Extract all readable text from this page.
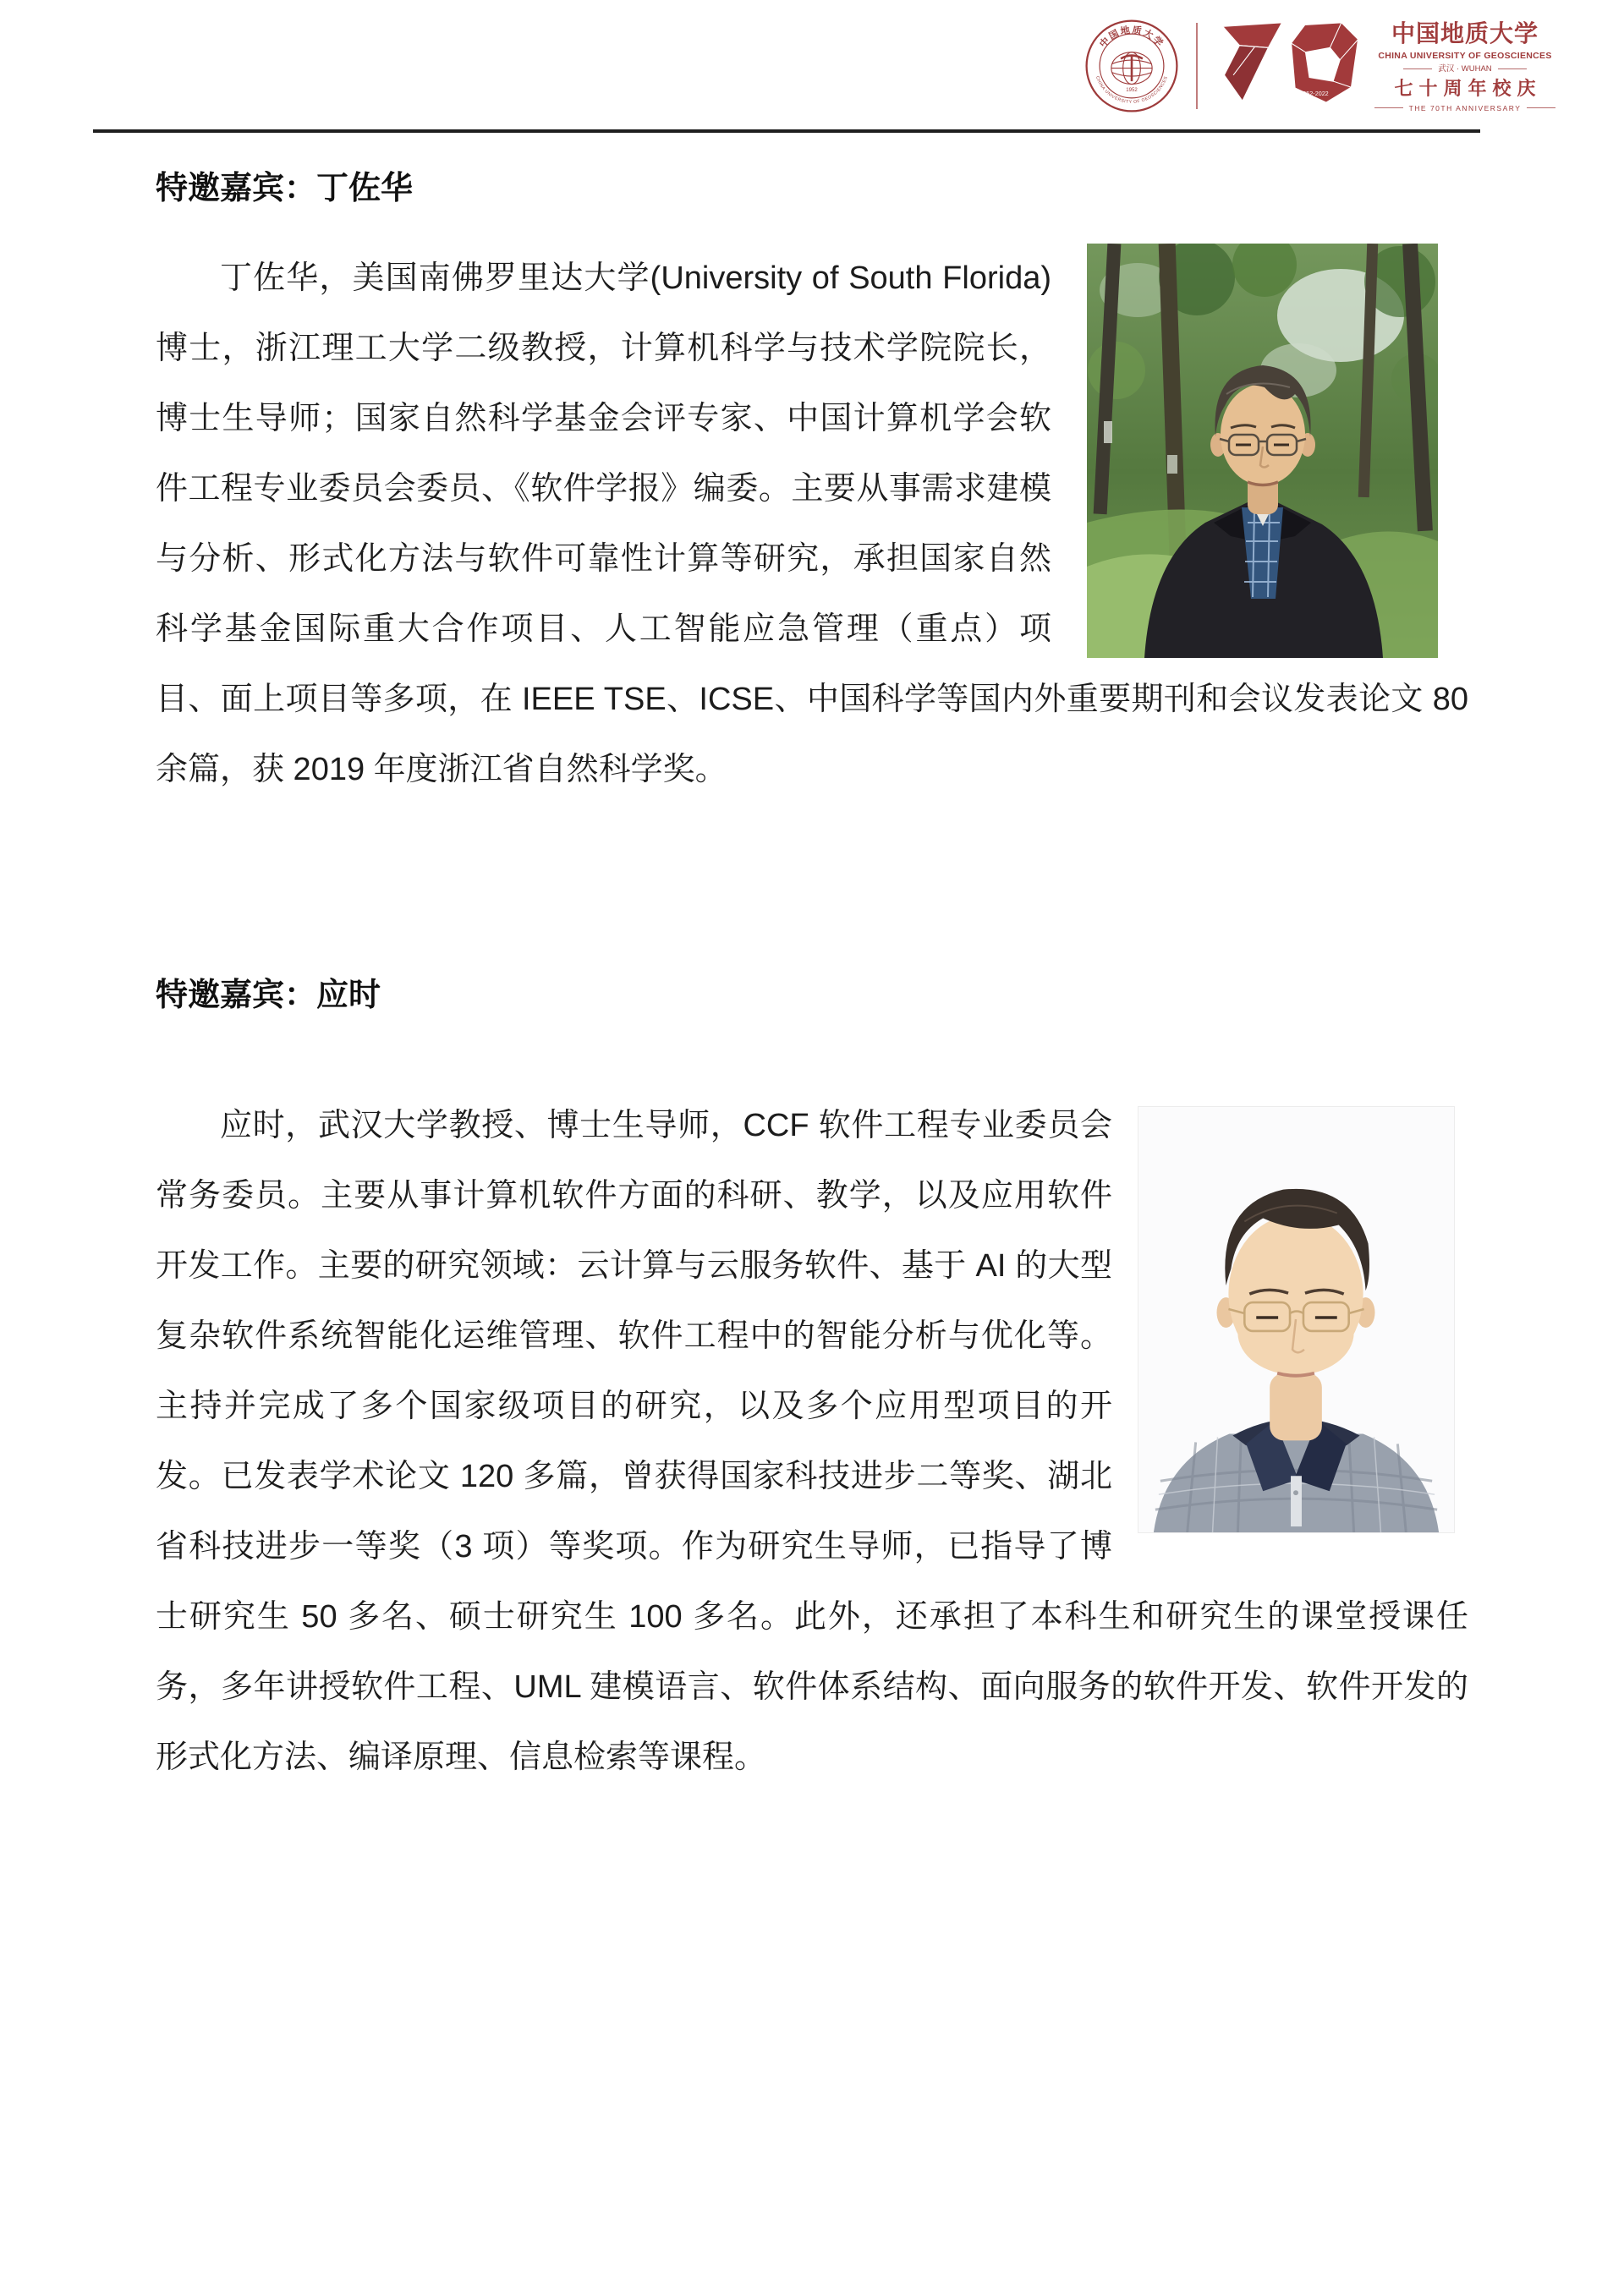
中国地质大学
CHINA UNIVERSITY OF GEOSCIENCES
1952	1952-2022
中国地质大学
CHINA UNIVERSITY OF GEOSCIENCES
武汉 · WUHAN
七十周年校庆
THE 70TH ANNIVERSARY
特邀嘉宾：丁佐华
丁佐华，美国南佛罗里达大学(University of South Florida)博士，浙江理工大学二级教授，计算机科学与技术学院院长，博士生导师；国家自然科学基金会评专家、中国计算机学会软件工程专业委员会委员、《软件学报》编委。主要从事需求建模与分析、形式化方法与软件可靠性计算等研究，承担国家自然科学基金国际重大合作项目、人工智能应急管理（重点）项目、面上项目等多项，在 IEEE TSE、ICSE、中国科学等国内外重要期刊和会议发表论文 80 余篇，获 2019 年度浙江省自然科学奖。
特邀嘉宾：应时
应时，武汉大学教授、博士生导师，CCF 软件工程专业委员会常务委员。主要从事计算机软件方面的科研、教学，以及应用软件开发工作。主要的研究领域：云计算与云服务软件、基于 AI 的大型复杂软件系统智能化运维管理、软件工程中的智能分析与优化等。主持并完成了多个国家级项目的研究，以及多个应用型项目的开发。已发表学术论文 120 多篇，曾获得国家科技进步二等奖、湖北省科技进步一等奖（3 项）等奖项。作为研究生导师，已指导了博士研究生 50 多名、硕士研究生 100 多名。此外，还承担了本科生和研究生的课堂授课任务，多年讲授软件工程、UML 建模语言、软件体系结构、面向服务的软件开发、软件开发的形式化方法、编译原理、信息检索等课程。
